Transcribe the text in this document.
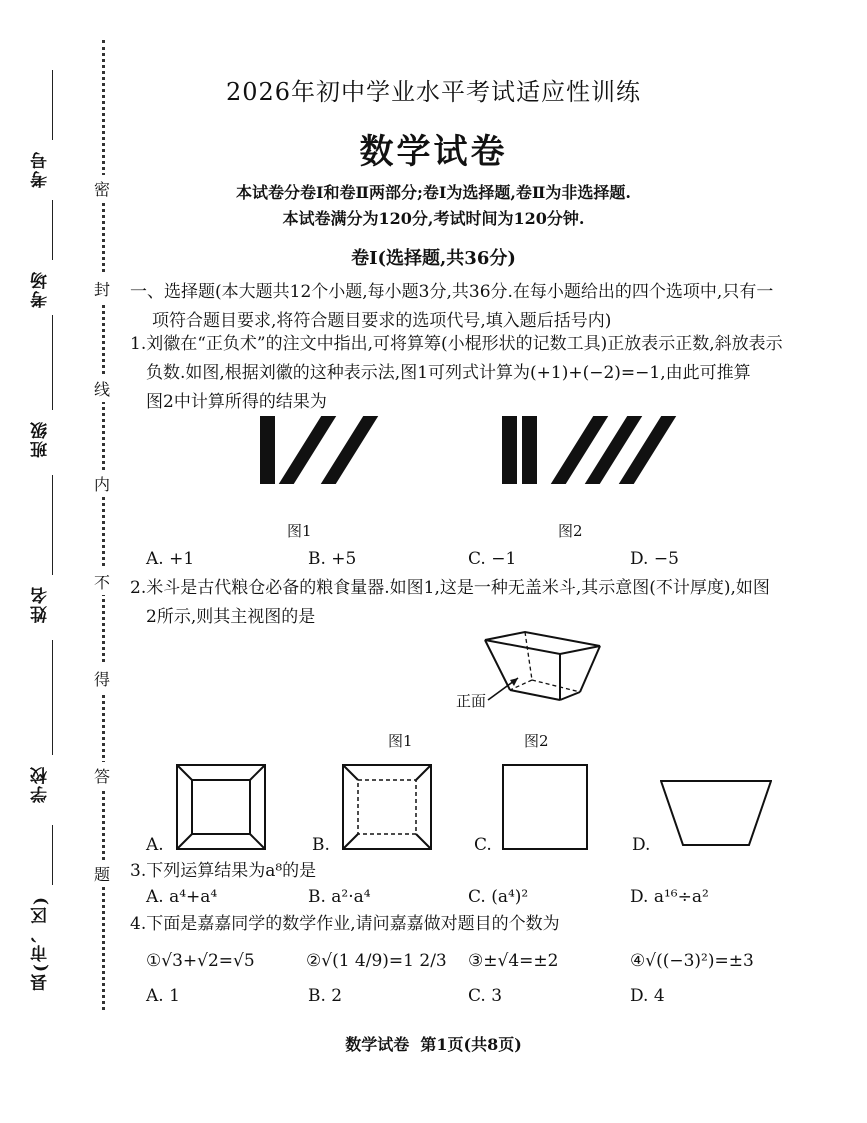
考号
考场
班级
姓名
学校
县(市、区)
密
封
线
内
不
得
答
题
2026年初中学业水平考试适应性训练
数学试卷
本试卷分卷Ⅰ和卷Ⅱ两部分;卷Ⅰ为选择题,卷Ⅱ为非选择题.
本试卷满分为120分,考试时间为120分钟.
卷Ⅰ(选择题,共36分)
一、选择题(本大题共12个小题,每小题3分,共36分.在每小题给出的四个选项中,只有一
项符合题目要求,将符合题目要求的选项代号,填入题后括号内)
1.刘徽在“正负术”的注文中指出,可将算筹(小棍形状的记数工具)正放表示正数,斜放表示
负数.如图,根据刘徽的这种表示法,图1可列式计算为(+1)+(−2)=−1,由此可推算
图2中计算所得的结果为
图1	图2
A. +1	B. +5	C. −1	D. −5
2.米斗是古代粮仓必备的粮食量器.如图1,这是一种无盖米斗,其示意图(不计厚度),如图
2所示,则其主视图的是
正面
图1	图2
A.	B.	C.	D.
3.下列运算结果为a⁸的是
A. a⁴+a⁴	B. a²·a⁴	C. (a⁴)²	D. a¹⁶÷a²
4.下面是嘉嘉同学的数学作业,请问嘉嘉做对题目的个数为
①√3+√2=√5	②√(1 4/9)=1 2/3 ③±√4=±2	④√((−3)²)=±3
A. 1	B. 2	C. 3	D. 4
数学试卷  第1页(共8页)
